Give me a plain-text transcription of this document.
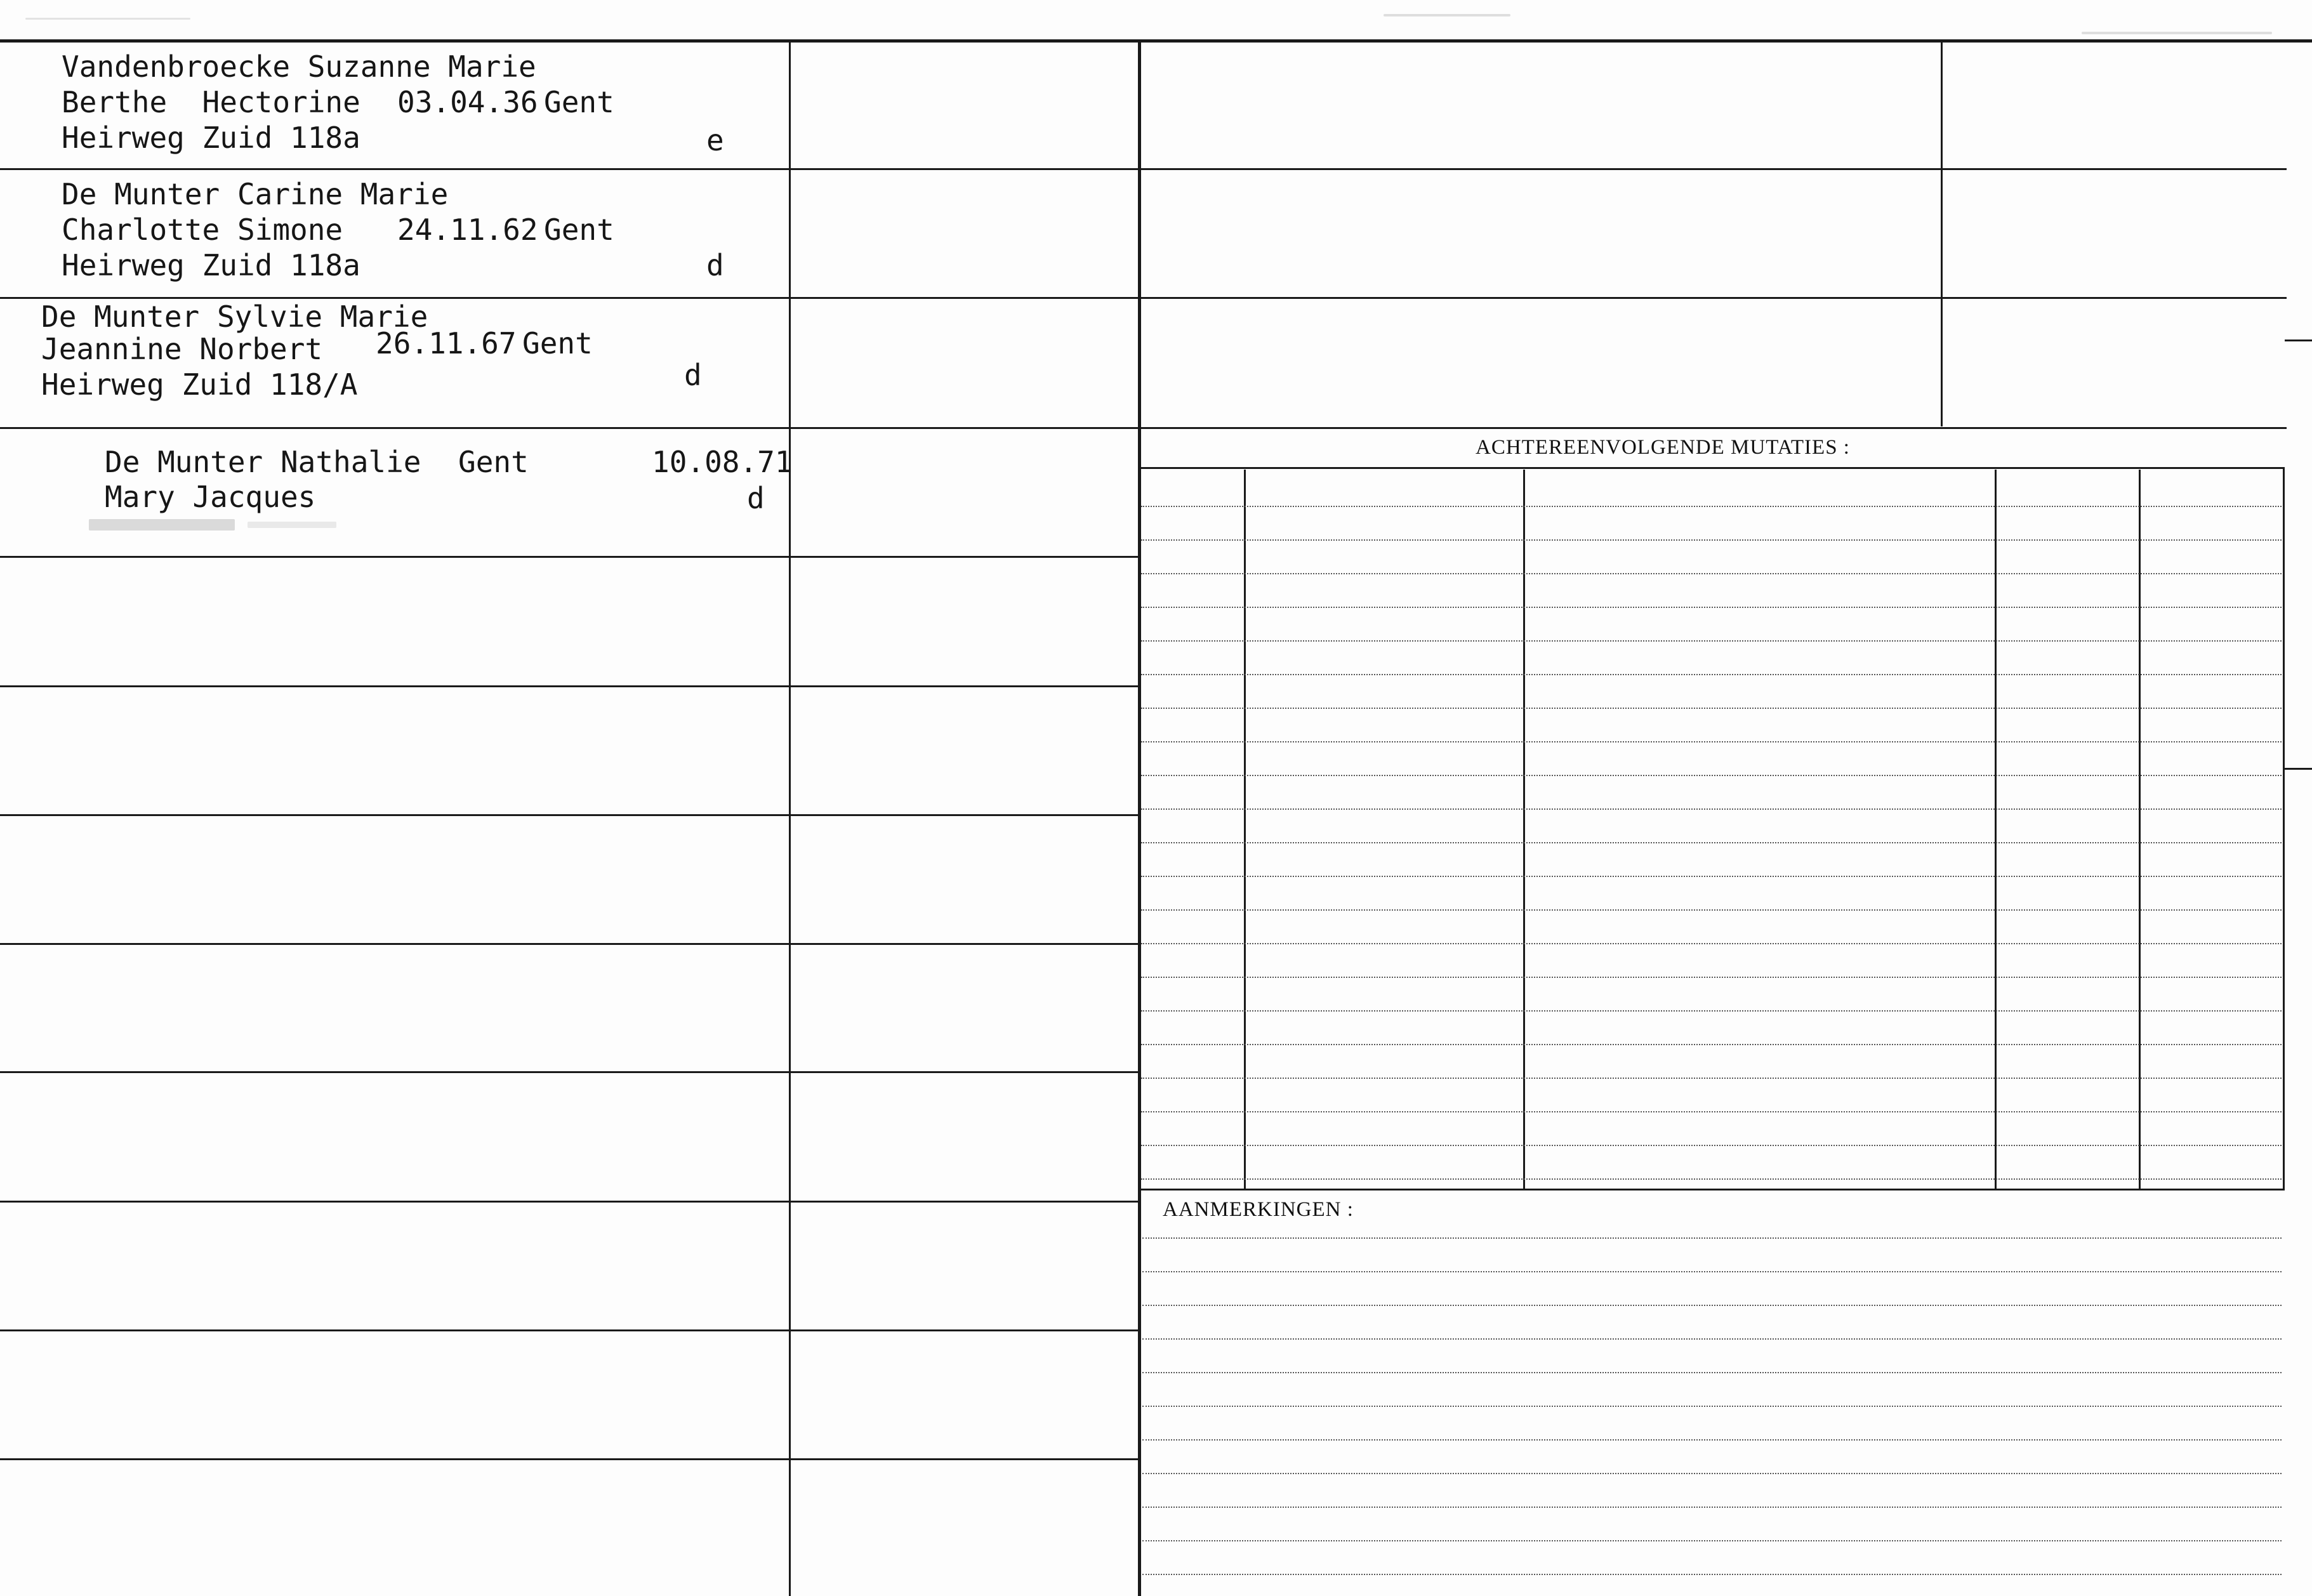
Vandenbroecke Suzanne Marie
Berthe  Hectorine
Heirweg Zuid 118a
03.04.36 Gent
e
De Munter Carine Marie
Charlotte Simone
Heirweg Zuid 118a
24.11.62 Gent
d
De Munter Sylvie Marie
Jeannine Norbert
Heirweg Zuid 118/A
26.11.67 Gent
d
De Munter Nathalie
Mary Jacques
Gent	10.08.71
d
ACHTEREENVOLGENDE MUTATIES :
AANMERKINGEN :
